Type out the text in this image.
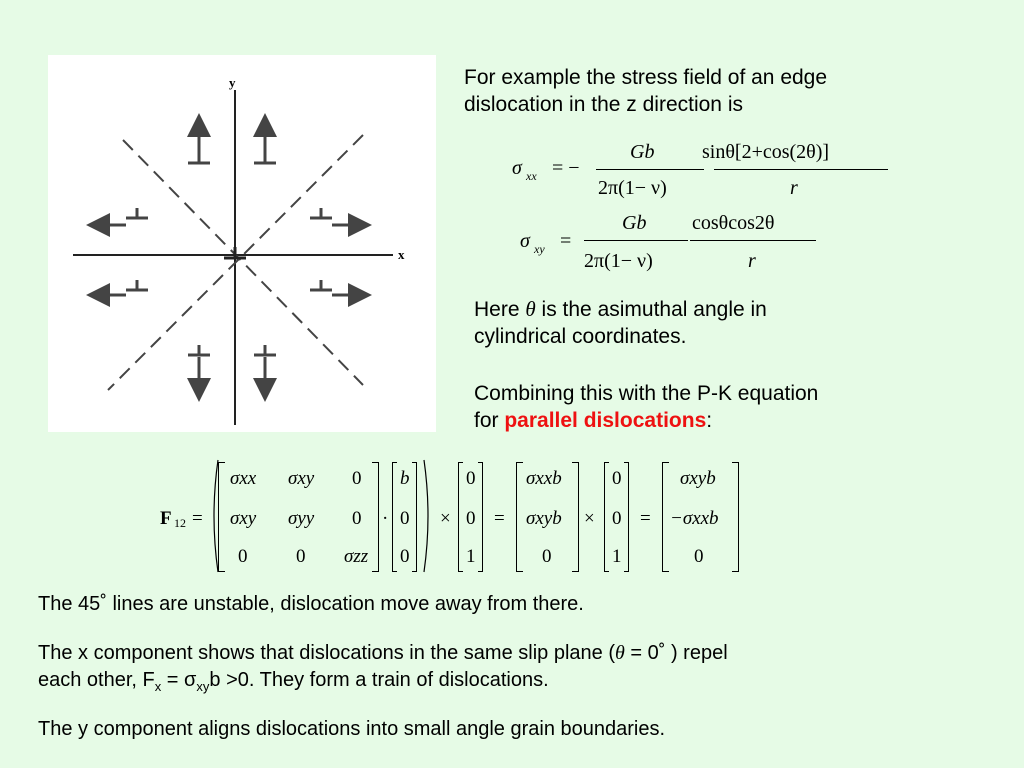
y
x
For example the stress field of an edge
dislocation in the z direction is
σ xx = −
Gb
2π(1− ν)
sinθ[2+cos(2θ)]
r
σ xy =
Gb
2π(1− ν)
cosθcos2θ
r
Here θ is the asimuthal angle in
cylindrical coordinates.
Combining this with the P-K equation
for parallel dislocations:
F 12 =
σxx σxy 0
σxy σyy 0
0	0 σzz
·
b
0
0
×
0
0
1
=
σxxb
σxyb
0
×
0
0
1
=
σxyb
−σxxb
0
The 45˚ lines are unstable, dislocation move away from there.
The x component shows that dislocations in the same slip plane (θ = 0˚ ) repel
each other, $F_x = \sigma_{xy}b >0$. They form a train of dislocations.
The y component aligns dislocations into small angle grain boundaries.
